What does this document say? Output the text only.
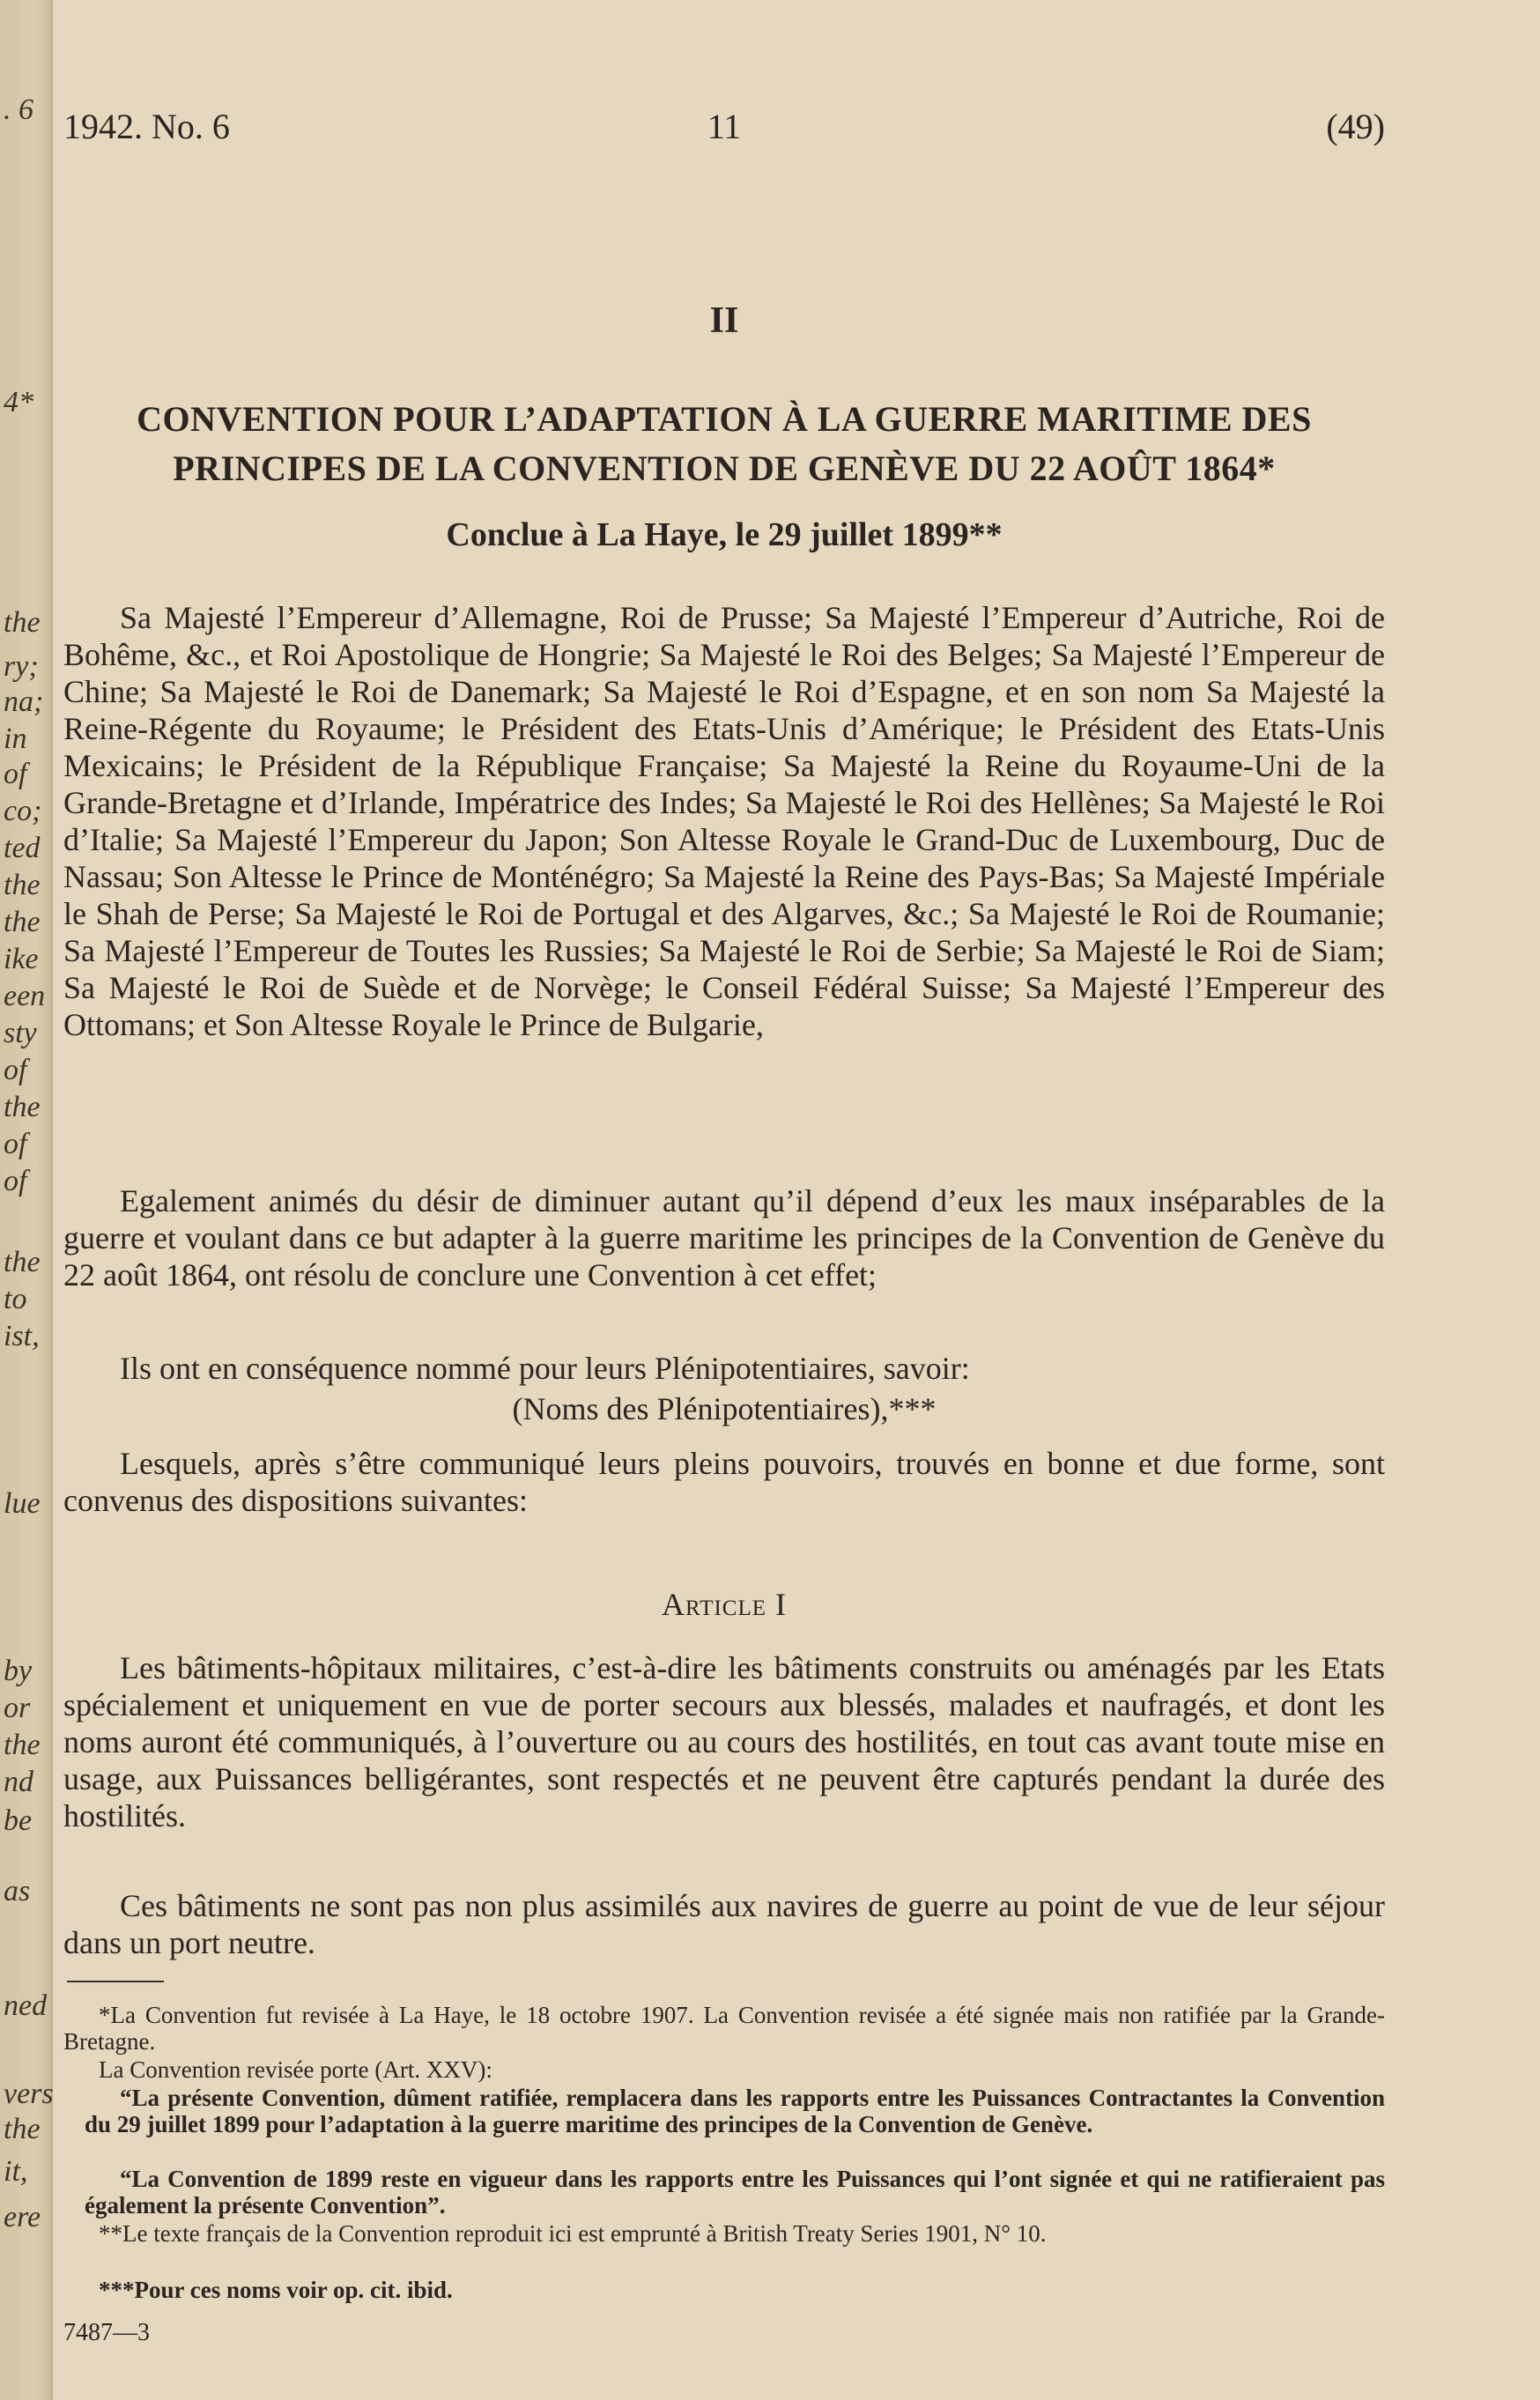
. 6
4*
the
ry;
na;
in
of
co;
ted
the
the
ike
een
sty
of
the
of
of
the
to
ist,
lue
by
or
the
nd
be
as
ned
vers
the
it,
ere
1942. No. 6	11	(49)
II
CONVENTION POUR L’ADAPTATION À LA GUERRE MARITIME DES
PRINCIPES DE LA CONVENTION DE GENÈVE DU 22 AOÛT 1864*
Conclue à La Haye, le 29 juillet 1899**

Sa Majesté l’Empereur d’Allemagne, Roi de Prusse; Sa Majesté l’Empereur d’Autriche, Roi de Bohême, &c., et Roi Apostolique de Hongrie; Sa Majesté le Roi des Belges; Sa Majesté l’Empereur de Chine; Sa Majesté le Roi de Danemark; Sa Majesté le Roi d’Espagne, et en son nom Sa Majesté la Reine-Régente du Royaume; le Président des Etats-Unis d’Amérique; le Président des Etats-Unis Mexicains; le Président de la République Française; Sa Majesté la Reine du Royaume-Uni de la Grande-Bretagne et d’Irlande, Impératrice des Indes; Sa Majesté le Roi des Hellènes; Sa Majesté le Roi d’Italie; Sa Majesté l’Empereur du Japon; Son Altesse Royale le Grand-Duc de Luxembourg, Duc de Nassau; Son Altesse le Prince de Monténégro; Sa Majesté la Reine des Pays-Bas; Sa Majesté Impériale le Shah de Perse; Sa Majesté le Roi de Portugal et des Algarves, &c.; Sa Majesté le Roi de Roumanie; Sa Majesté l’Empereur de Toutes les Russies; Sa Majesté le Roi de Serbie; Sa Majesté le Roi de Siam; Sa Majesté le Roi de Suède et de Norvège; le Conseil Fédéral Suisse; Sa Majesté l’Empereur des Ottomans; et Son Altesse Royale le Prince de Bulgarie,

Egalement animés du désir de diminuer autant qu’il dépend d’eux les maux inséparables de la guerre et voulant dans ce but adapter à la guerre maritime les principes de la Convention de Genève du 22 août 1864, ont résolu de conclure une Convention à cet effet;

Ils ont en conséquence nommé pour leurs Plénipotentiaires, savoir:

(Noms des Plénipotentiaires),***

Lesquels, après s’être communiqué leurs pleins pouvoirs, trouvés en bonne et due forme, sont convenus des dispositions suivantes:

Article I

Les bâtiments-hôpitaux militaires, c’est-à-dire les bâtiments construits ou aménagés par les Etats spécialement et uniquement en vue de porter secours aux blessés, malades et naufragés, et dont les noms auront été communiqués, à l’ouverture ou au cours des hostilités, en tout cas avant toute mise en usage, aux Puissances belligérantes, sont respectés et ne peuvent être capturés pendant la durée des hostilités.

Ces bâtiments ne sont pas non plus assimilés aux navires de guerre au point de vue de leur séjour dans un port neutre.

*La Convention fut revisée à La Haye, le 18 octobre 1907. La Convention revisée a été signée mais non ratifiée par la Grande-Bretagne.

La Convention revisée porte (Art. XXV):

“La présente Convention, dûment ratifiée, remplacera dans les rapports entre les Puissances Contractantes la Convention du 29 juillet 1899 pour l’adaptation à la guerre maritime des principes de la Convention de Genève.

“La Convention de 1899 reste en vigueur dans les rapports entre les Puissances qui l’ont signée et qui ne ratifieraient pas également la présente Convention”.

**Le texte français de la Convention reproduit ici est emprunté à British Treaty Series 1901, N° 10.

***Pour ces noms voir op. cit. ibid.

7487—3
